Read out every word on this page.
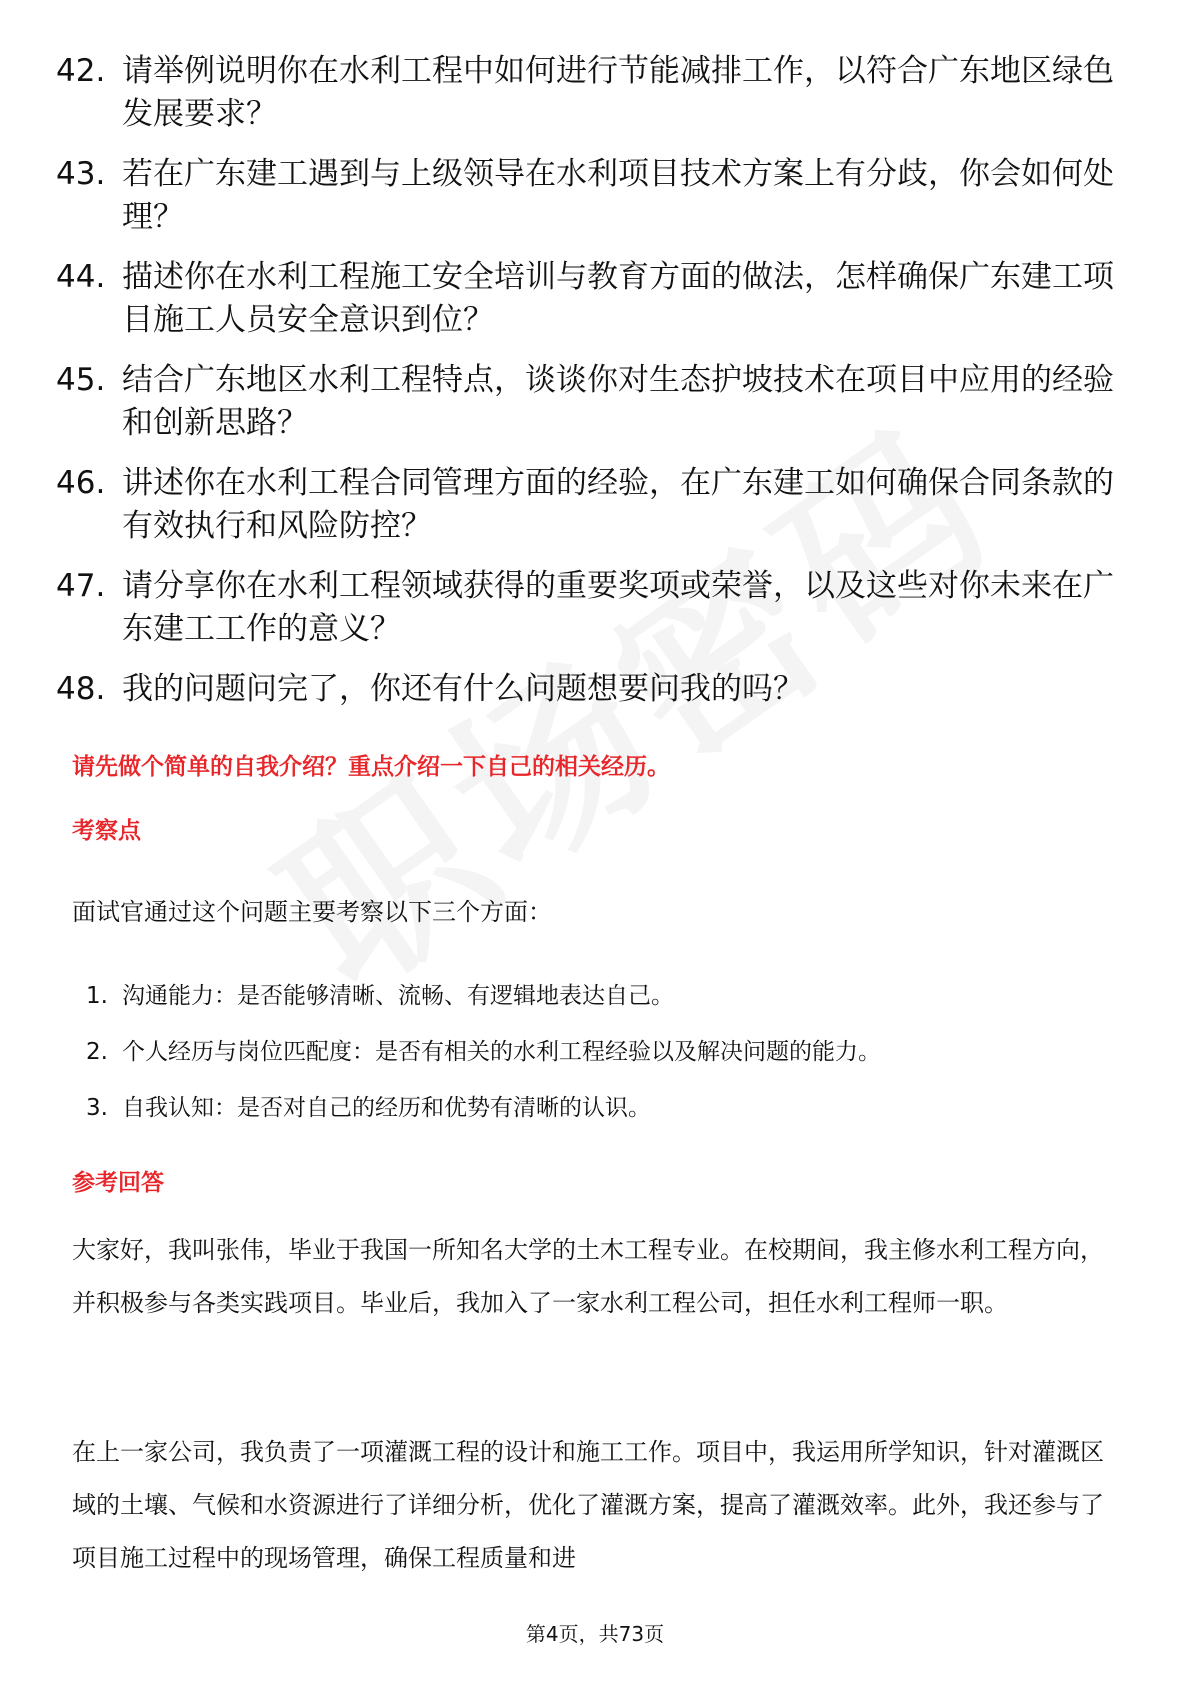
42. 请举例说明你在水利工程中如何进行节能减排工作，以符合广东地区绿色发展要求？
43. 若在广东建工遇到与上级领导在水利项目技术方案上有分歧，你会如何处理？
44. 描述你在水利工程施工安全培训与教育方面的做法，怎样确保广东建工项目施工人员安全意识到位？
45. 结合广东地区水利工程特点，谈谈你对生态护坡技术在项目中应用的经验和创新思路？
46. 讲述你在水利工程合同管理方面的经验，在广东建工如何确保合同条款的有效执行和风险防控？
47. 请分享你在水利工程领域获得的重要奖项或荣誉，以及这些对你未来在广东建工工作的意义？
48. 我的问题问完了，你还有什么问题想要问我的吗？
请先做个简单的自我介绍？重点介绍一下自己的相关经历。
考察点
面试官通过这个问题主要考察以下三个方面：
1. 沟通能力：是否能够清晰、流畅、有逻辑地表达自己。
2. 个人经历与岗位匹配度：是否有相关的水利工程经验以及解决问题的能力。
3. 自我认知：是否对自己的经历和优势有清晰的认识。
参考回答
大家好，我叫张伟，毕业于我国一所知名大学的土木工程专业。在校期间，我主修水利工程方向，并积极参与各类实践项目。毕业后，我加入了一家水利工程公司，担任水利工程师一职。
在上一家公司，我负责了一项灌溉工程的设计和施工工作。项目中，我运用所学知识，针对灌溉区域的土壤、气候和水资源进行了详细分析，优化了灌溉方案，提高了灌溉效率。此外，我还参与了项目施工过程中的现场管理，确保工程质量和进
第4页，共73页
